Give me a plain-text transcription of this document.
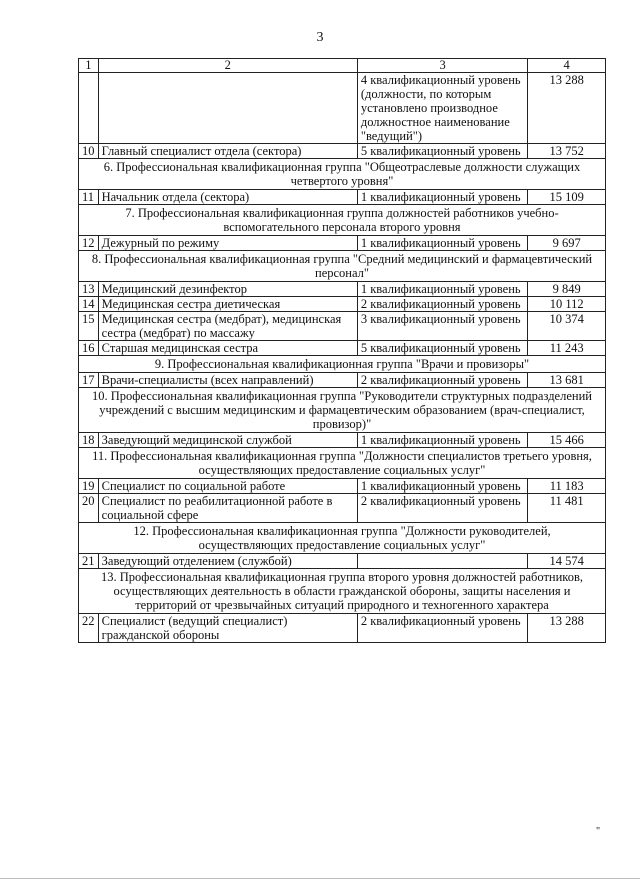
3
1	2	3	4
		4 квалификационный уровень (должности, по которым установлено производное должностное наименование "ведущий")	13 288
10	Главный специалист отдела (сектора)	5 квалификационный уровень	13 752
6. Профессиональная квалификационная группа "Общеотраслевые должности служащих четвертого уровня"			
11	Начальник отдела (сектора)	1 квалификационный уровень	15 109
7. Профессиональная квалификационная группа должностей работников учебно-вспомогательного персонала второго уровня			
12	Дежурный по режиму	1 квалификационный уровень	9 697
8. Профессиональная квалификационная группа "Средний медицинский и фармацевтический персонал"			
13	Медицинский дезинфектор	1 квалификационный уровень	9 849
14	Медицинская сестра диетическая	2 квалификационный уровень	10 112
15	Медицинская сестра (медбрат), медицинская сестра (медбрат) по массажу	3 квалификационный уровень	10 374
16	Старшая медицинская сестра	5 квалификационный уровень	11 243
9. Профессиональная квалификационная группа "Врачи и провизоры"			
17	Врачи-специалисты (всех направлений)	2 квалификационный уровень	13 681
10. Профессиональная квалификационная группа "Руководители структурных подразделений учреждений с высшим медицинским и фармацевтическим образованием (врач-специалист, провизор)"			
18	Заведующий медицинской службой	1 квалификационный уровень	15 466
11. Профессиональная квалификационная группа "Должности специалистов третьего уровня, осуществляющих предоставление социальных услуг"			
19	Специалист по социальной работе	1 квалификационный уровень	11 183
20	Специалист по реабилитационной работе в социальной сфере	2 квалификационный уровень	11 481
12. Профессиональная квалификационная группа "Должности руководителей, осуществляющих предоставление социальных услуг"			
21	Заведующий отделением (службой)		14 574
13. Профессиональная квалификационная группа второго уровня должностей работников, осуществляющих деятельность в области гражданской обороны, защиты населения и территорий от чрезвычайных ситуаций природного и техногенного характера			
22	Специалист (ведущий специалист) гражданской обороны	2 квалификационный уровень	13 288
"
